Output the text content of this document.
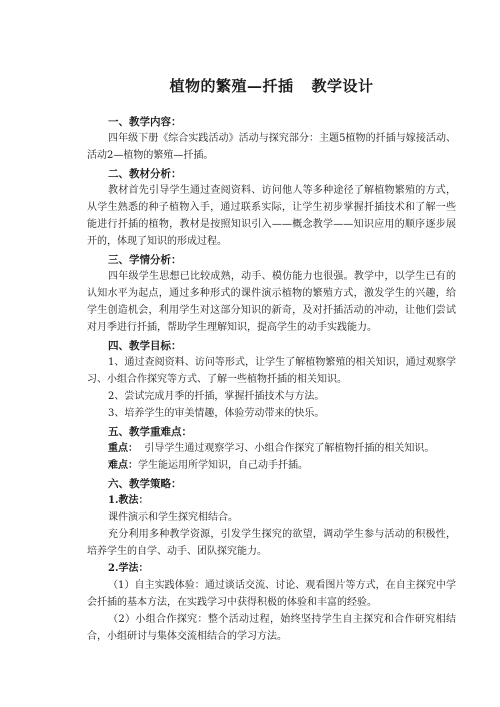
植物的繁殖—扦插 教学设计

一、教学内容：

四年级下册《综合实践活动》活动与探究部分：主题5植物的扦插与嫁接活动、活动2—植物的繁殖—扦插。

二、教材分析：

教材首先引导学生通过查阅资料、访问他人等多种途径了解植物繁殖的方式，从学生熟悉的种子植物入手，通过联系实际，让学生初步掌握扦插技术和了解一些能进行扦插的植物，教材是按照知识引入——概念教学——知识应用的顺序逐步展开的，体现了知识的形成过程。

三、学情分析：

四年级学生思想已比较成熟，动手、模仿能力也很强。教学中，以学生已有的认知水平为起点，通过多种形式的课件演示植物的繁殖方式，激发学生的兴趣，给学生创造机会，利用学生对这部分知识的新奇，及对扦插活动的冲动，让他们尝试对月季进行扦插，帮助学生理解知识，提高学生的动手实践能力。

四、教学目标：

1、通过查阅资料、访问等形式，让学生了解植物繁殖的相关知识，通过观察学习、小组合作探究等方式、了解一些植物扦插的相关知识。

2、尝试完成月季的扦插，掌握扦插技术与方法。

3、培养学生的审美情趣，体验劳动带来的快乐。

五、教学重难点：

重点： 引导学生通过观察学习、小组合作探究了解植物扦插的相关知识。

难点：学生能运用所学知识，自己动手扦插。

六、教学策略：

1.教法：

课件演示和学生探究相结合。

充分利用多种教学资源，引发学生探究的欲望，调动学生参与活动的积极性，培养学生的自学、动手、团队探究能力。

2.学法：

（1）自主实践体验：通过谈话交流、讨论、观看图片等方式，在自主探究中学会扦插的基本方法，在实践学习中获得积极的体验和丰富的经验。

（2）小组合作探究：整个活动过程，始终坚持学生自主探究和合作研究相结合，小组研讨与集体交流相结合的学习方法。
